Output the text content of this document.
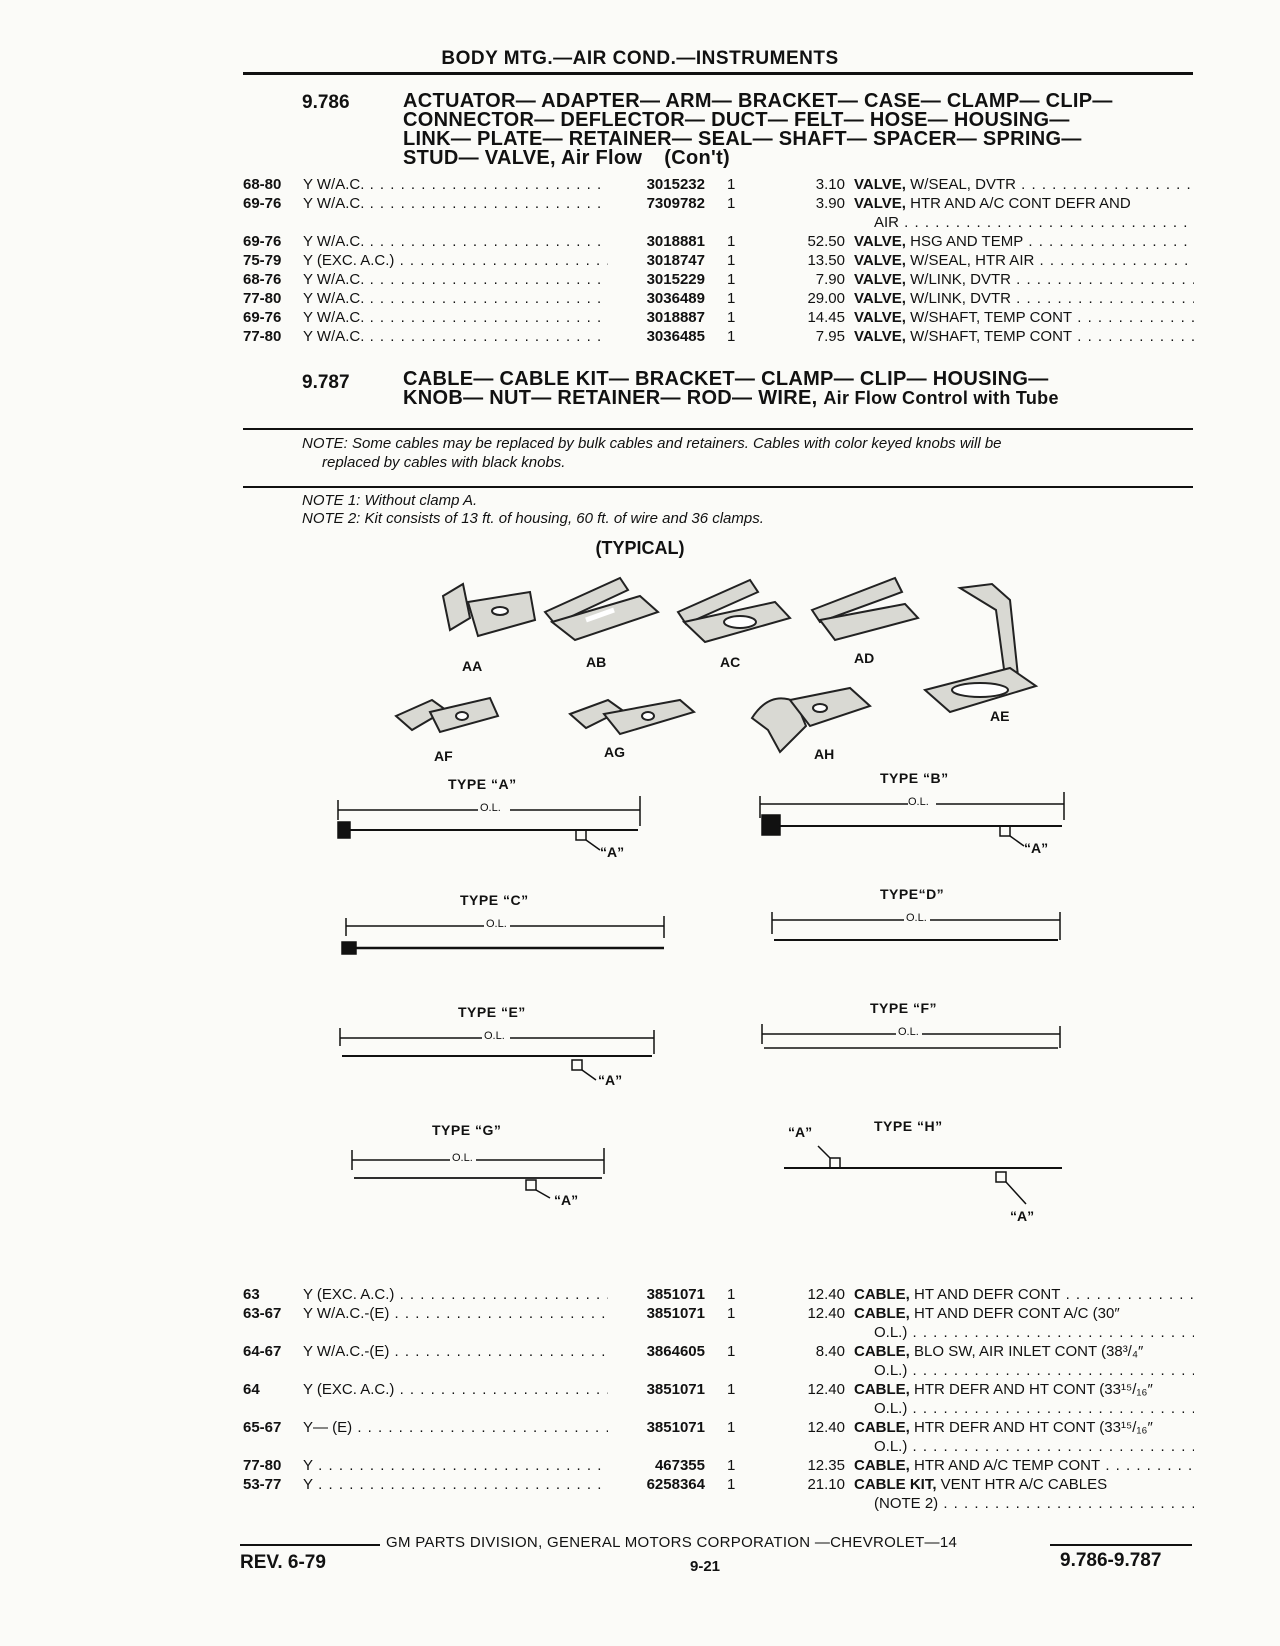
BODY MTG.—AIR COND.—INSTRUMENTS
9.786	ACTUATOR— ADAPTER— ARM— BRACKET— CASE— CLAMP— CLIP—
CONNECTOR— DEFLECTOR— DUCT— FELT— HOSE— HOUSING—
LINK— PLATE— RETAINER— SEAL— SHAFT— SPACER— SPRING—
STUD— VALVE, Air Flow (Con't)
68-80 Y W/A.C. . . .	3015232 1	3.10 VALVE, W/SEAL, DVTR . . .
69-76 Y W/A.C. . . .	7309782 1	3.90 VALVE, HTR AND A/C CONT DEFR AND
AIR . . .
69-76 Y W/A.C. . . .	3018881 1	52.50 VALVE, HSG AND TEMP . . .
75-79 Y (EXC. A.C.) . . .	3018747 1	13.50 VALVE, W/SEAL, HTR AIR . . .
68-76 Y W/A.C. . . .	3015229 1	7.90 VALVE, W/LINK, DVTR . . .
77-80 Y W/A.C. . . .	3036489 1	29.00 VALVE, W/LINK, DVTR . . .
69-76 Y W/A.C. . . .	3018887 1	14.45 VALVE, W/SHAFT, TEMP CONT . . .
77-80 Y W/A.C. . . .	3036485 1	7.95 VALVE, W/SHAFT, TEMP CONT . . .
9.787	CABLE— CABLE KIT— BRACKET— CLAMP— CLIP— HOUSING—
KNOB— NUT— RETAINER— ROD— WIRE, Air Flow Control with Tube
NOTE: Some cables may be replaced by bulk cables and retainers. Cables with color keyed knobs will be
replaced by cables with black knobs.
NOTE 1: Without clamp A.
NOTE 2: Kit consists of 13 ft. of housing, 60 ft. of wire and 36 clamps.
(TYPICAL)
AA	AB	AC	AD
AE
AF	AG	AH
TYPE “A”	TYPE “B”
TYPE “C”	TYPE“D”
TYPE “E”	TYPE “F”
TYPE “G”	TYPE “H”
O.L.	O.L.
O.L.	O.L.
O.L.	O.L.
O.L.
“A”	“A”
“A”
“A”
“A”
“A”
63	Y (EXC. A.C.) . . .	3851071 1	12.40 CABLE, HT AND DEFR CONT . . .
63-67 Y W/A.C.-(E) . . .	3851071 1	12.40 CABLE, HT AND DEFR CONT A/C (30″
O.L.) . . .
64-67 Y W/A.C.-(E) . . .	3864605 1	8.40 CABLE, BLO SW, AIR INLET CONT (38³/₄″
O.L.) . . .
64	Y (EXC. A.C.) . . .	3851071 1	12.40 CABLE, HTR DEFR AND HT CONT (33¹⁵/₁₆″
O.L.) . . .
65-67 Y— (E) . . .	3851071 1	12.40 CABLE, HTR DEFR AND HT CONT (33¹⁵/₁₆″
O.L.) . . .
77-80 Y . . .	467355 1	12.35 CABLE, HTR AND A/C TEMP CONT . . .
53-77 Y . . .	6258364 1	21.10 CABLE KIT, VENT HTR A/C CABLES
(NOTE 2) . . .
GM PARTS DIVISION, GENERAL MOTORS CORPORATION —CHEVROLET—14
REV. 6-79	9-21	9.786-9.787
